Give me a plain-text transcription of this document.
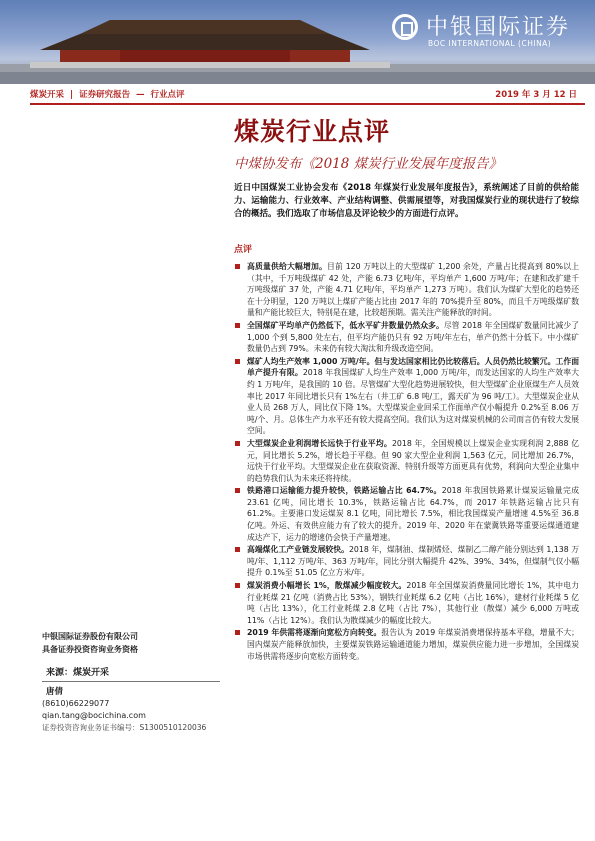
中银国际证券
BOC INTERNATIONAL (CHINA)
煤炭开采 | 证券研究报告 — 行业点评	2019 年 3 月 12 日
煤炭行业点评
中煤协发布《2018 煤炭行业发展年度报告》
近日中国煤炭工业协会发布《2018 年煤炭行业发展年度报告》，系统阐述了目前的供给能力、运输能力、行业效率、产业结构调整、供需展望等，对我国煤炭行业的现状进行了较综合的概括。我们选取了市场信息及评论较少的方面进行点评。
点评
高质量供给大幅增加。目前 120 万吨以上的大型煤矿 1,200 余处，产量占比提高到 80%以上（其中，千万吨级煤矿 42 处，产能 6.73 亿吨/年，平均单产 1,600 万吨/年；在建和改扩建千万吨级煤矿 37 处，产能 4.71 亿吨/年，平均单产 1,273 万吨）。我们认为煤矿大型化的趋势还在十分明显，120 万吨以上煤矿产能占比由 2017 年的 70%提升至 80%，而且千万吨级煤矿数量和产能比较巨大，特别是在建，比较超预期。需关注产能释放的时间。
全国煤矿平均单产仍然低下，低水平矿井数量仍然众多。尽管 2018 年全国煤矿数量同比减少了 1,000 个到 5,800 处左右，但平均产能仍只有 92 万吨/年左右，单产仍然十分低下。中小煤矿数量仍占到 79%。未来仍有较大淘汰和升级改造空间。
煤矿人均生产效率 1,000 万吨/年。但与发达国家相比仍比较落后。人员仍然比较繁冗。工作面单产提升有限。2018 年我国煤矿人均生产效率 1,000 万吨/年，而发达国家的人均生产效率大约 1 万吨/年，是我国的 10 倍。尽管煤矿大型化趋势进展较快，但大型煤矿企业原煤生产人员效率比 2017 年同比增长只有 1%左右（井工矿 6.8 吨/工，露天矿为 96 吨/工）。大型煤炭企业从业人员 268 万人，同比仅下降 1%。大型煤炭企业回采工作面单产仅小幅提升 0.2%至 8.06 万吨/个、月。总体生产力水平还有较大提高空间。我们认为这对煤炭机械的公司而言仍有较大发展空间。
大型煤炭企业利润增长远快于行业平均。2018 年，全国规模以上煤炭企业实现利润 2,888 亿元，同比增长 5.2%，增长趋于平稳。但 90 家大型企业利润 1,563 亿元，同比增加 26.7%，远快于行业平均。大型煤炭企业在获取资源、特别升级等方面更具有优势，利润向大型企业集中的趋势我们认为未来还将持续。
铁路港口运输能力提升较快，铁路运输占比 64.7%。2018 年我国铁路累计煤炭运输量完成 23.61 亿吨，同比增长 10.3%，铁路运输占比 64.7%，而 2017 年铁路运输占比只有 61.2%。主要港口发运煤炭 8.1 亿吨，同比增长 7.5%，相比我国煤炭产量增速 4.5%至 36.8 亿吨。外运、有效供应能力有了较大的提升。2019 年、2020 年在蒙冀铁路等重要运煤通道建成达产下，运力的增速仍会快于产量增速。
高端煤化工产业链发展较快。2018 年，煤制油、煤制烯烃、煤制乙二醇产能分别达到 1,138 万吨/年、1,112 万吨/年、363 万吨/年，同比分别大幅提升 42%、39%、34%，但煤制气仅小幅提升 0.1%至 51.05 亿立方米/年。
煤炭消费小幅增长 1%，散煤减少幅度较大。2018 年全国煤炭消费量同比增长 1%，其中电力行业耗煤 21 亿吨（消费占比 53%），钢铁行业耗煤 6.2 亿吨（占比 16%），建材行业耗煤 5 亿吨（占比 13%），化工行业耗煤 2.8 亿吨（占比 7%），其他行业（散煤）减少 6,000 万吨或 11%（占比 12%）。我们认为散煤减少的幅度比较大。
2019 年供需将逐渐向宽松方向转变。报告认为 2019 年煤炭消费增保持基本平稳，增量不大；国内煤炭产能释放加快，主要煤炭铁路运输通道能力增加，煤炭供应能力进一步增加，全国煤炭市场供需将逐步向宽松方面转变。
中银国际证券股份有限公司
具备证券投资咨询业务资格
来源：煤炭开采
唐倩
(8610)66229077
qian.tang@bocichina.com
证券投资咨询业务证书编号：S1300510120036
